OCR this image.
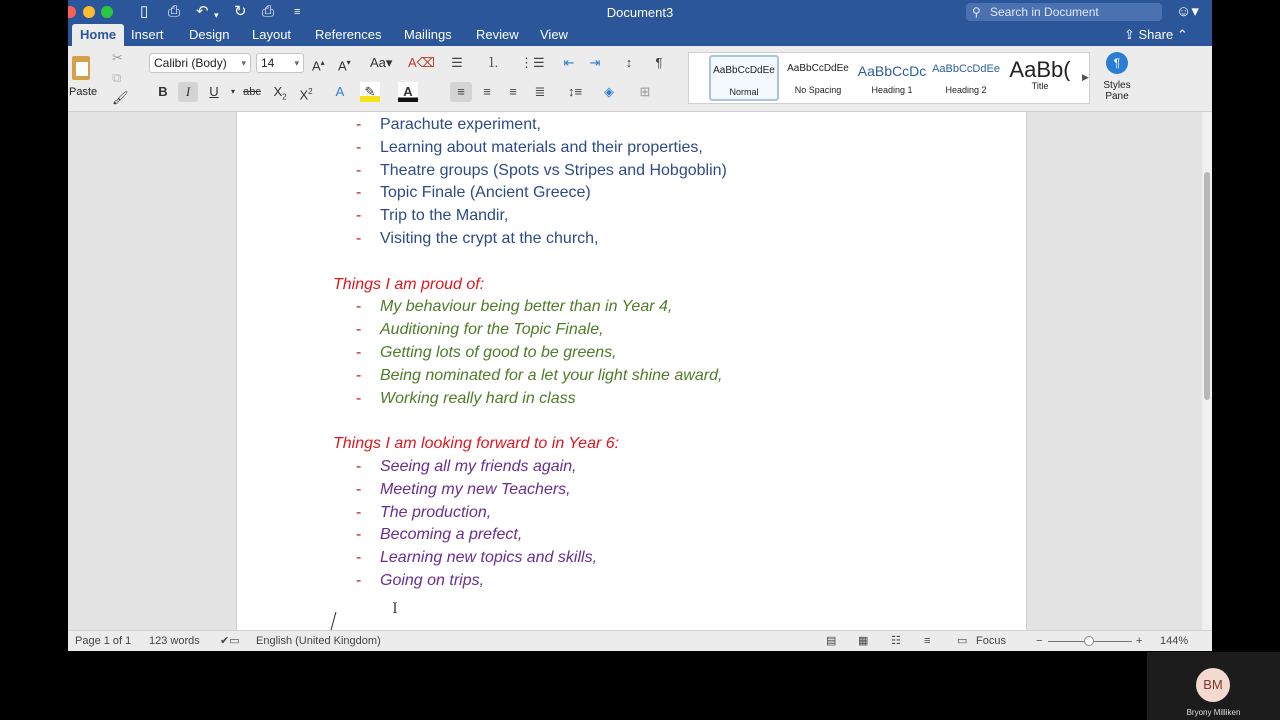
▯ ⎙ ↶ ▾ ↻ ⎙ ≡	Document3	⚲ Search in Document	☺▾
Home	Insert	Design	Layout	References	Mailings	Review	View	⇪ Share ⌃
Paste
✂
⧉
🖌
Calibri (Body) ▾	14 ▾ A▴ A▾ Aa▾ A⌫
B	I	U	▾ abc $X_2$ $X^2$	A	✎	A
☰	⒈	⋮☰	⇤	⇥	↕	¶
≡	≡	≡	≣	↕≡	◈	⊞
AaBbCcDdEe
Normal
AaBbCcDdEe
No Spacing
AaBbCcDc
Heading 1
AaBbCcDdEe
Heading 2
AaBb(
Title
▶
¶
Styles Pane
- Parachute experiment,
- Learning about materials and their properties,
- Theatre groups (Spots vs Stripes and Hobgoblin)
- Topic Finale (Ancient Greece)
- Trip to the Mandir,
- Visiting the crypt at the church,
Things I am proud of:
- My behaviour being better than in Year 4,
- Auditioning for the Topic Finale,
- Getting lots of good to be greens,
- Being nominated for a let your light shine award,
- Working really hard in class
Things I am looking forward to in Year 6:
- Seeing all my friends again,
- Meeting my new Teachers,
- The production,
- Becoming a prefect,
- Learning new topics and skills,
- Going on trips,
Page 1 of 1 123 words ✔▭ English (United Kingdom)	▤ ▦ ☷ ≡ ▭ Focus	−	+ 144%
Ｉ
BM
Bryony Milliken
